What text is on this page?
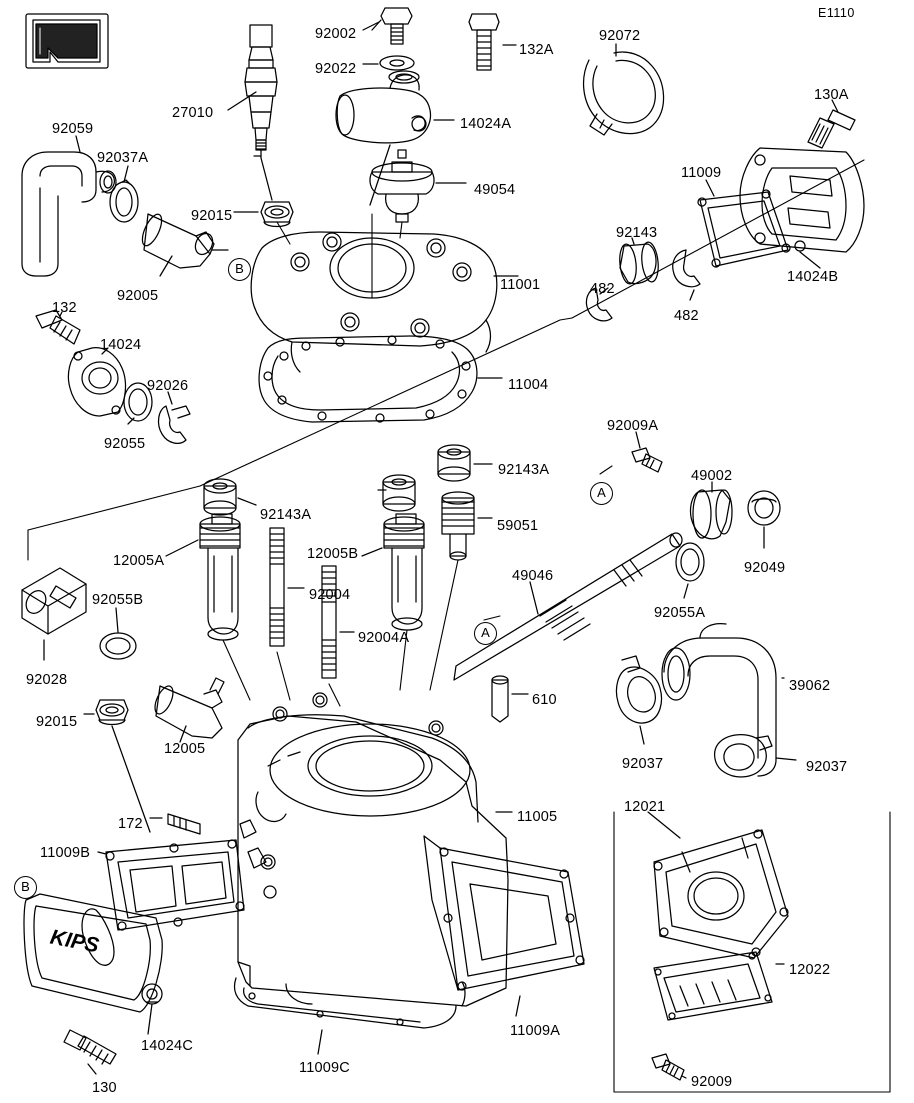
KIPS
E1110
92002
132A
92072
92022
130A
27010
14024A
92059
92037A
11009
49054
92015
92143
14024B
92005	482
11001
482
132
14024
11004
92026
92055
92009A
92143A	49002
92143A
59051
92049
12005A	12005B
49046
92004
92055A
92055B
92004A
92028
610
39062
92015
12005
92037	92037
12021
172	11005
11009B
12022
11009A
14024C
11009C
130	92009
B
A
A
B
